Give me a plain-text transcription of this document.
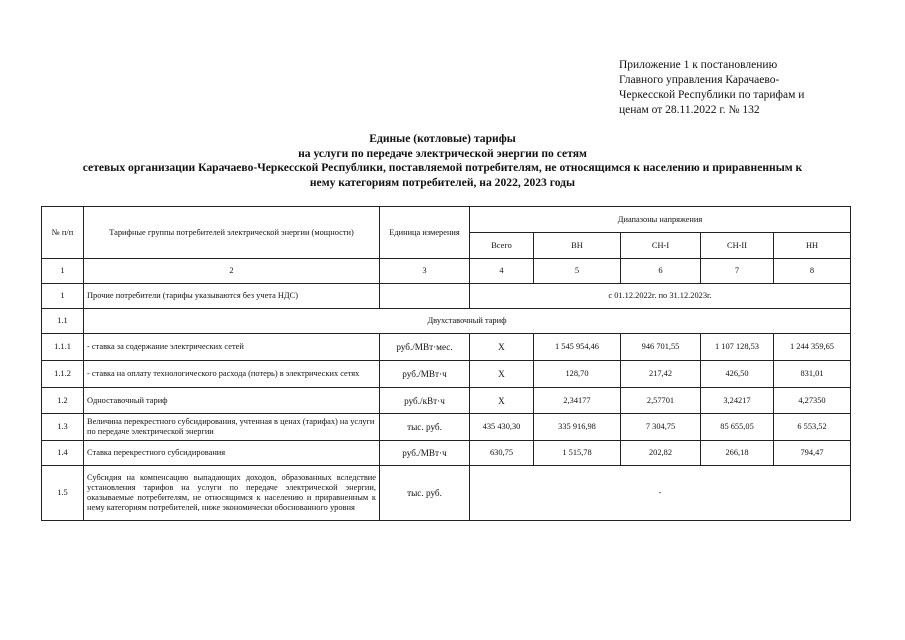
Приложение 1 к постановлению
Главного управления Карачаево-
Черкесской Республики по тарифам и
ценам от 28.11.2022 г. № 132
Единые (котловые) тарифы
на услуги по передаче электрической энергии по сетям
сетевых организации Карачаево-Черкесской Республики, поставляемой потребителям, не относящимся к населению и приравненным к
нему категориям потребителей, на 2022, 2023 годы
№ п/п	Тарифные группы потребителей электрической энергии (мощности)	Единица измерения	Диапазоны напряжения				
			Всего	ВН	СН-I	СН-II	НН
1	2	3	4	5	6	7	8
1	Прочие потребители (тарифы указываются без учета НДС)		с 01.12.2022г. по 31.12.2023г.				
1.1	Двухставочный тариф						
1.1.1	- ставка за содержание электрических сетей	руб./МВт·мес.	Х	1 545 954,46	946 701,55	1 107 128,53	1 244 359,65
1.1.2	- ставка на оплату технологического расхода (потерь) в электрических сетях	руб./МВт·ч	Х	128,70	217,42	426,50	831,01
1.2	Одноставочный тариф	руб./кВт·ч	Х	2,34177	2,57701	3,24217	4,27350
1.3	Величина перекрестного субсидирования, учтенная в ценах (тарифах) на услуги по передаче электрической энергии	тыс. руб.	435 430,30	335 916,98	7 304,75	85 655,05	6 553,52
1.4	Ставка перекрестного субсидирования	руб./МВт·ч	630,75	1 515,78	202,82	266,18	794,47
1.5	Субсидия на компенсацию выпадающих доходов, образованных вследствие установления тарифов на услуги по передаче электрической энергии, оказываемые потребителям, не относящимся к населению и приравненным к нему категориям потребителей, ниже экономически обоснованного уровня	тыс. руб.	-				
